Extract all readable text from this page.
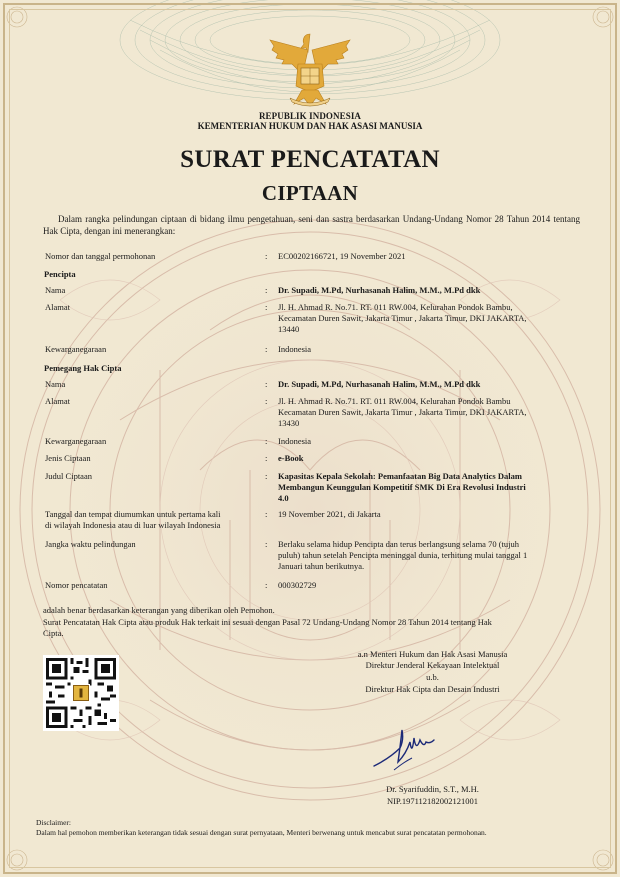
REPUBLIK INDONESIA
KEMENTERIAN HUKUM DAN HAK ASASI MANUSIA
SURAT PENCATATAN
CIPTAAN
Dalam rangka pelindungan ciptaan di bidang ilmu pengetahuan, seni dan sastra berdasarkan Undang-Undang Nomor 28 Tahun 2014 tentang Hak Cipta, dengan ini menerangkan:
Nomor dan tanggal permohonan	: EC00202166721, 19 November 2021
Pencipta
Nama	: Dr. Supadi, M.Pd, Nurhasanah Halim, M.M., M.Pd dkk
Alamat	: Jl. H. Ahmad R. No.71. RT. 011 RW.004, Kelurahan Pondok Bambu,
Kecamatan Duren Sawit, Jakarta Timur , Jakarta Timur, DKI JAKARTA,
13440
Kewarganegaraan	: Indonesia
Pemegang Hak Cipta
Nama	: Dr. Supadi, M.Pd, Nurhasanah Halim, M.M., M.Pd dkk
Alamat	: Jl. H. Ahmad R. No.71. RT. 011 RW.004, Kelurahan Pondok Bambu
Kecamatan Duren Sawit, Jakarta Timur , Jakarta Timur, DKI JAKARTA,
13430
Kewarganegaraan	: Indonesia
Jenis Ciptaan	: e-Book
Judul Ciptaan	: Kapasitas Kepala Sekolah: Pemanfaatan Big Data Analytics Dalam
Membangun Keunggulan Kompetitif SMK Di Era Revolusi Industri
4.0
Tanggal dan tempat diumumkan untuk pertama kali
di wilayah Indonesia atau di luar wilayah Indonesia
: 19 November 2021, di Jakarta
Jangka waktu pelindungan	: Berlaku selama hidup Pencipta dan terus berlangsung selama 70 (tujuh
puluh) tahun setelah Pencipta meninggal dunia, terhitung mulai tanggal 1
Januari tahun berikutnya.
Nomor pencatatan	: 000302729
adalah benar berdasarkan keterangan yang diberikan oleh Pemohon.
Surat Pencatatan Hak Cipta atau produk Hak terkait ini sesuai dengan Pasal 72 Undang-Undang Nomor 28 Tahun 2014 tentang Hak
Cipta.
a.n Menteri Hukum dan Hak Asasi Manusia
Direktur Jenderal Kekayaan Intelektual
u.b.
Direktur Hak Cipta dan Desain Industri
Dr. Syarifuddin, S.T., M.H.
NIP.197112182002121001
Disclaimer:
Dalam hal pemohon memberikan keterangan tidak sesuai dengan surat pernyataan, Menteri berwenang untuk mencabut surat pencatatan permohonan.
